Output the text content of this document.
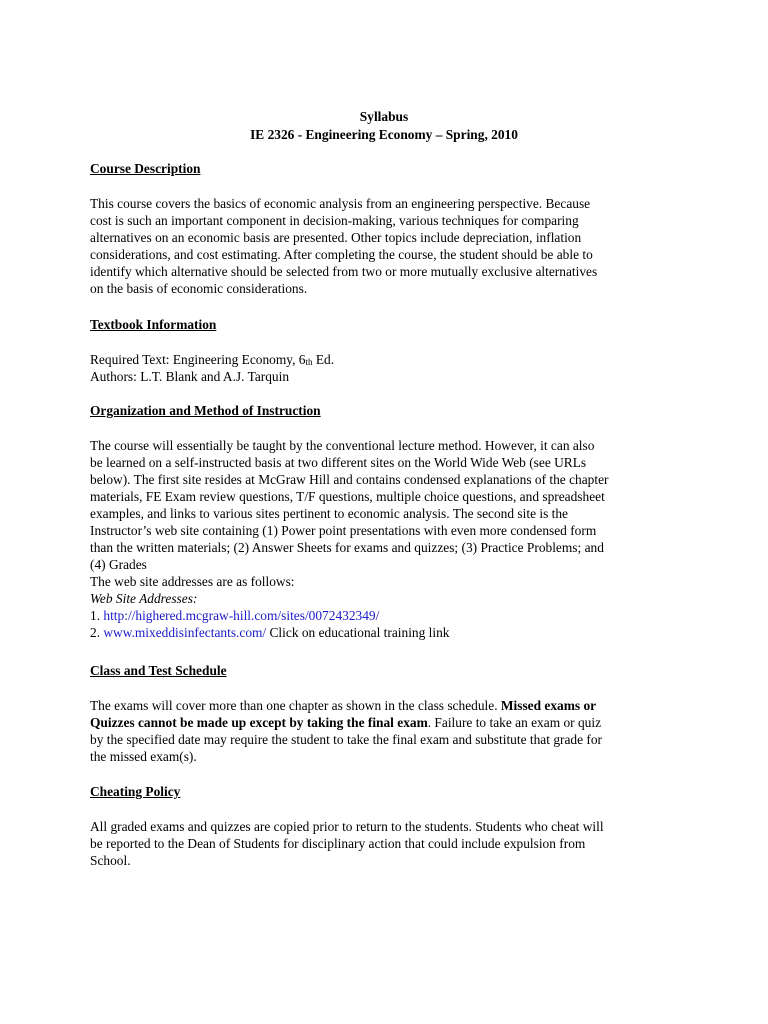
Syllabus
IE 2326 - Engineering Economy – Spring, 2010
Course Description
This course covers the basics of economic analysis from an engineering perspective. Because
cost is such an important component in decision-making, various techniques for comparing
alternatives on an economic basis are presented. Other topics include depreciation, inflation
considerations, and cost estimating. After completing the course, the student should be able to
identify which alternative should be selected from two or more mutually exclusive alternatives
on the basis of economic considerations.
Textbook Information
Required Text: Engineering Economy, 6th Ed.
Authors: L.T. Blank and A.J. Tarquin
Organization and Method of Instruction
The course will essentially be taught by the conventional lecture method. However, it can also
be learned on a self-instructed basis at two different sites on the World Wide Web (see URLs
below). The first site resides at McGraw Hill and contains condensed explanations of the chapter
materials, FE Exam review questions, T/F questions, multiple choice questions, and spreadsheet
examples, and links to various sites pertinent to economic analysis. The second site is the
Instructor’s web site containing (1) Power point presentations with even more condensed form
than the written materials; (2) Answer Sheets for exams and quizzes; (3) Practice Problems; and
(4) Grades
The web site addresses are as follows:
Web Site Addresses:
1. http://highered.mcgraw-hill.com/sites/0072432349/
2. www.mixeddisinfectants.com/ Click on educational training link
Class and Test Schedule
The exams will cover more than one chapter as shown in the class schedule. Missed exams or
Quizzes cannot be made up except by taking the final exam. Failure to take an exam or quiz
by the specified date may require the student to take the final exam and substitute that grade for
the missed exam(s).
Cheating Policy
All graded exams and quizzes are copied prior to return to the students. Students who cheat will
be reported to the Dean of Students for disciplinary action that could include expulsion from
School.
